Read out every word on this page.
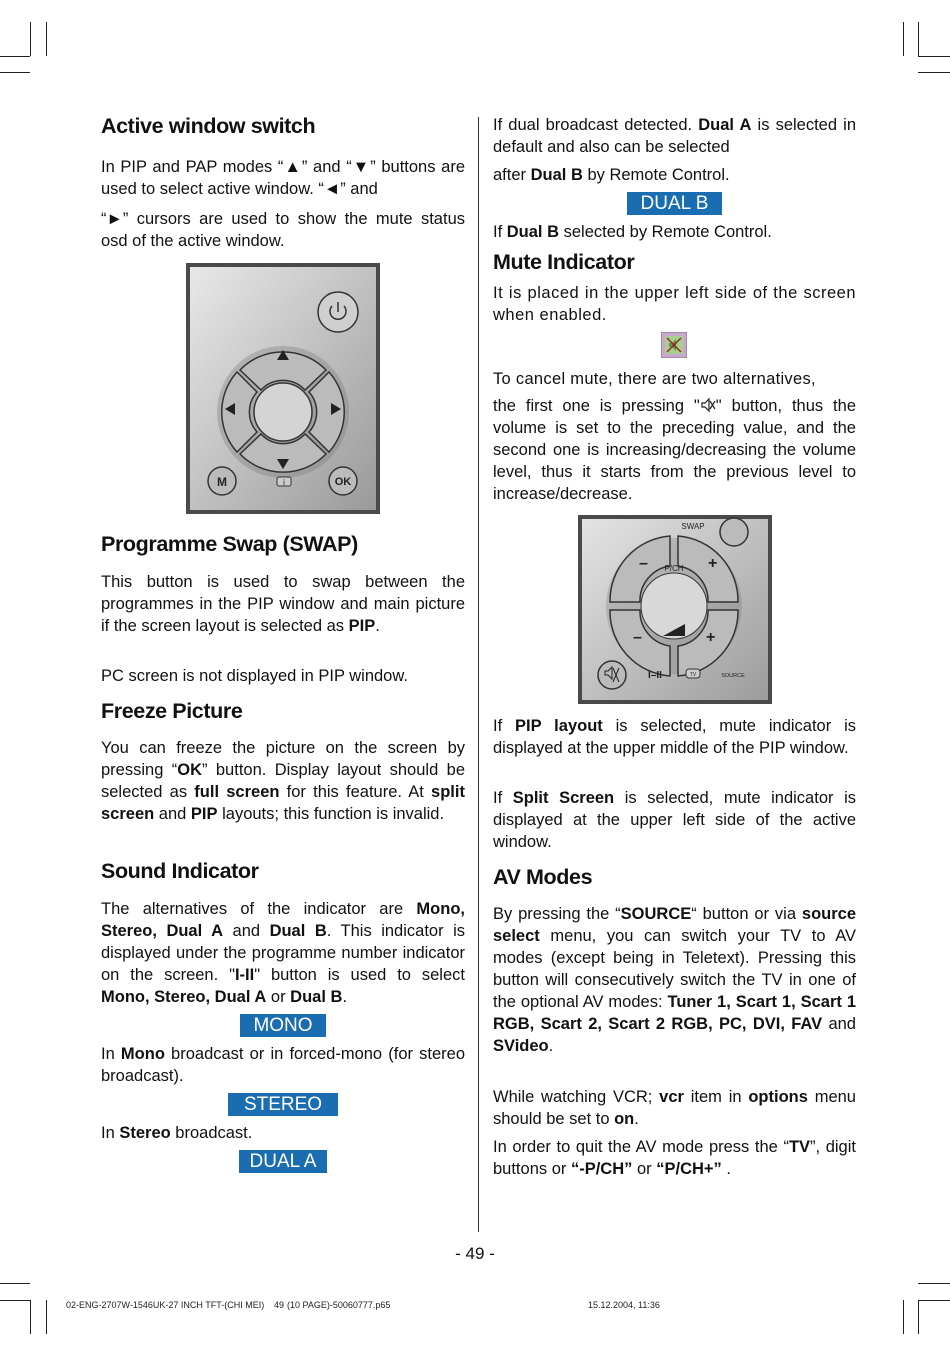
Active window switch

In PIP and PAP modes “▲” and “▼” buttons are used to select active window. “◄” and

“►” cursors are used to show the mute status osd of the active window.

M	OK
i
Programme Swap (SWAP)

This button is used to swap between the programmes in the PIP window and main picture if the screen layout is selected as PIP.

PC screen is not displayed in PIP window.

Freeze Picture

You can freeze the picture on the screen by pressing “OK” button. Display layout should be selected as full screen for this feature. At split screen and PIP layouts; this function is invalid.

Sound Indicator

The alternatives of the indicator are Mono, Stereo, Dual A and Dual B. This indicator is displayed under the programme number indicator on the screen. "I-II" button is used to select Mono, Stereo, Dual A or Dual B.

MONO

In Mono broadcast or in forced-mono (for stereo broadcast).

STEREO

In Stereo broadcast.

DUAL A

If dual broadcast detected. Dual A is selected in default and also can be selected

after Dual B by Remote Control.

DUAL B

If Dual B selected by Remote Control.

Mute Indicator

It is placed in the upper left side of the screen when enabled.

To cancel mute, there are two alternatives,

the first one is pressing " " button, thus the volume is set to the preceding value, and the second one is increasing/decreasing the volume level, thus it starts from the previous level to increase/decrease.

SWAP
–	+
P/CH
–	+
I–II	TV	SOURCE

If PIP layout is selected, mute indicator is displayed at the upper middle of the PIP window.

If Split Screen is selected, mute indicator is displayed at the upper left side of the active window.

AV Modes

By pressing the “SOURCE“ button or via source select menu, you can switch your TV to AV modes (except being in Teletext). Pressing this button will consecutively switch the TV in one of the optional AV modes: Tuner 1, Scart 1, Scart 1 RGB, Scart 2, Scart 2 RGB, PC, DVI, FAV and SVideo.

While watching VCR; vcr item in options menu should be set to on.

In order to quit the AV mode press the “TV”, digit buttons or “-P/CH” or “P/CH+” .

- 49 -
02-ENG-2707W-1546UK-27 INCH TFT-(CHI MEI) 49 (10 PAGE)-50060777.p65	15.12.2004, 11:36
